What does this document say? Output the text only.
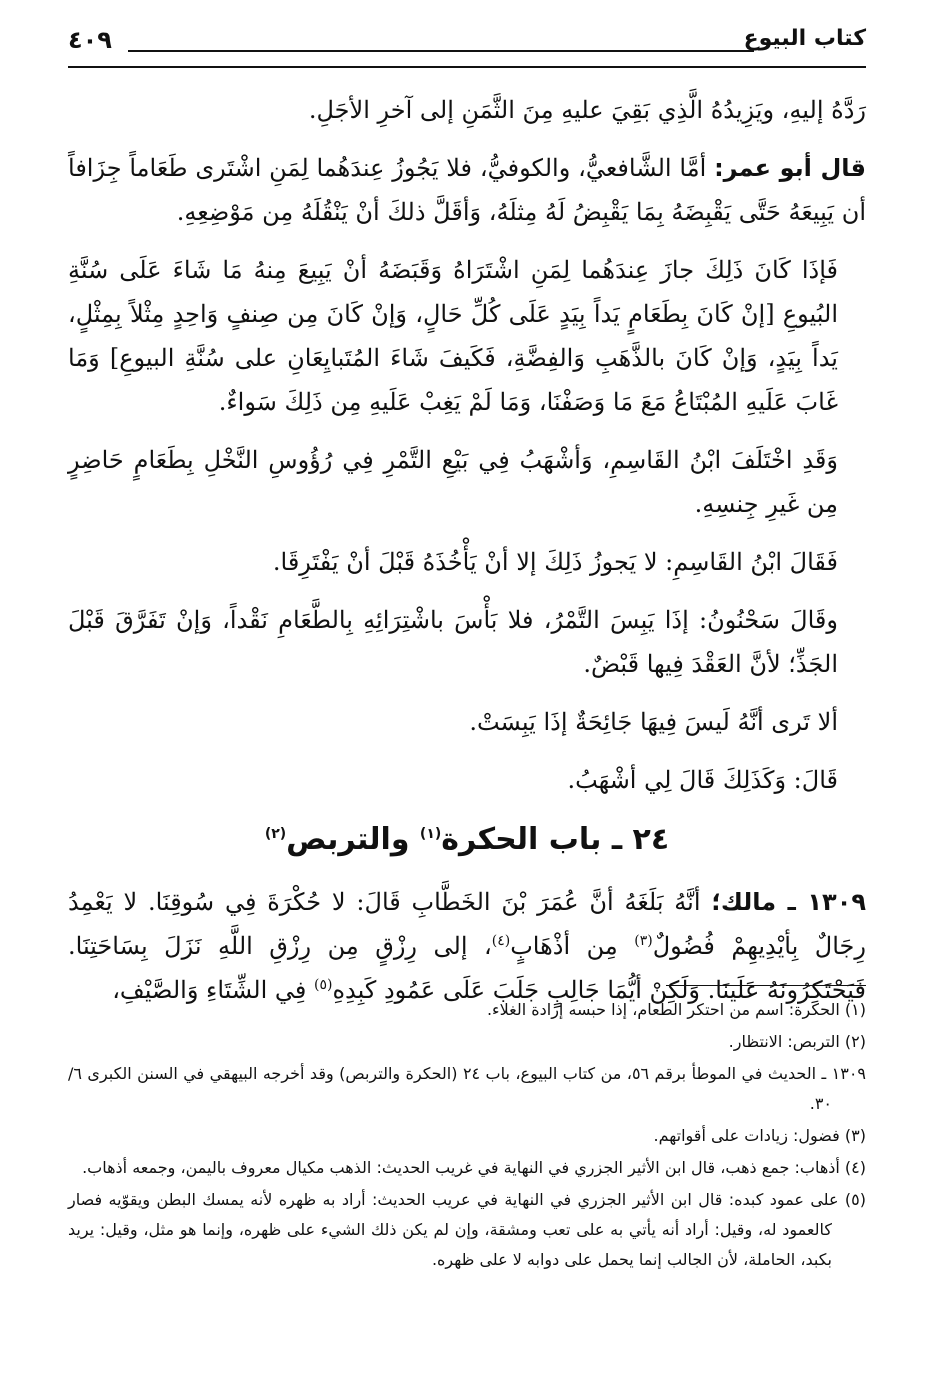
كتاب البيوع
٤٠٩

رَدَّهُ إليهِ، ويَزِيدُهُ الَّذِي بَقِيَ عليهِ مِنَ الثَّمَنِ إلى آخرِ الأجَلِ.

قال أبو عمر: أمَّا الشَّافعيُّ، والكوفيُّ، فلا يَجُوزُ عِندَهُما لِمَنِ اشْتَرى طَعَاماً جِزَافاً أن يَبِيعَهُ حَتَّى يَقْبِضَهُ بِمَا يَقْبِضُ لَهُ مِثلَهُ، وَأقَلَّ ذلكَ أنْ يَنْقُلَهُ مِن مَوْضِعِهِ.

فَإذَا كَانَ ذَلِكَ جازَ عِندَهُما لِمَنِ اشْتَرَاهُ وَقَبَضَهُ أنْ يَبِيعَ مِنهُ مَا شَاءَ عَلَى سُنَّةِ البُيوعِ [إنْ كَانَ بِطَعَامٍ يَداً بِيَدٍ عَلَى كُلِّ حَالٍ، وَإنْ كَانَ مِن صِنفٍ وَاحِدٍ مِثْلاً بِمِثْلٍ، يَداً بِيَدٍ، وَإنْ كَانَ بالذَّهَبِ وَالفِضَّةِ، فَكَيفَ شَاءَ المُتَبايِعَانِ على سُنَّةِ البيوعِ] وَمَا غَابَ عَلَيهِ المُبْتَاعُ مَعَ مَا وَصَفْنَا، وَمَا لَمْ يَغِبْ عَلَيهِ مِن ذَلِكَ سَواءٌ.

وَقَدِ اخْتَلَفَ ابْنُ القَاسِمِ، وَأشْهَبُ فِي بَيْعِ التَّمْرِ فِي رُؤُوسِ النَّخْلِ بِطَعَامٍ حَاضِرٍ مِن غَيرِ جِنسِهِ.

فَقَالَ ابْنُ القَاسِمِ: لا يَجوزُ ذَلِكَ إلا أنْ يَأْخُذَهُ قَبْلَ أنْ يَفْتَرِقَا.

وقَالَ سَحْنُونُ: إذَا يَبِسَ التَّمْرُ، فلا بَأْسَ باشْتِرَائِهِ بِالطَّعَامِ نَقْداً، وَإنْ تَفَرَّقَ قَبْلَ الجَذِّ؛ لأنَّ العَقْدَ فِيها قَبْضٌ.

ألا تَرى أنَّهُ لَيسَ فِيهَا جَائِحَةٌ إذَا يَبِسَتْ.

قَالَ: وَكَذَلِكَ قَالَ لِي أشْهَبُ.

٢٤ ـ باب الحكرة$^{(١)}$ والتربص$^{(٢)}$

١٣٠٩ ـ مالك؛ أنَّهُ بَلَغَهُ أنَّ عُمَرَ بْنَ الخَطَّابِ قَالَ: لا حُكْرَةَ فِي سُوقِنَا. لا يَعْمِدُ رِجَالٌ بِأيْدِيهِمْ فُضُولٌ$^{(٣)}$ مِن أذْهَابٍ$^{(٤)}$، إلى رِزْقٍ مِن رِزْقِ اللَّهِ نَزَلَ بِسَاحَتِنَا. فَيَحْتَكِرُونَهُ عَلَينَا. وَلَكِنْ أيُّمَا جَالِبٍ جَلَبَ عَلَى عَمُودِ كَبِدِهِ$^{(٥)}$ فِي الشِّتَاءِ وَالصَّيْفِ،

(١) الحكرة: اسم من احتكر الطعام، إذا حبسه إرادة الغلاء.

(٢) التربص: الانتظار.

١٣٠٩ ـ الحديث في الموطأ برقم ٥٦، من كتاب البيوع، باب ٢٤ (الحكرة والتربص) وقد أخرجه البيهقي في السنن الكبرى ٦/ ٣٠.

(٣) فضول: زيادات على أقواتهم.

(٤) أذهاب: جمع ذهب، قال ابن الأثير الجزري في النهاية في غريب الحديث: الذهب مكيال معروف باليمن، وجمعه أذهاب.

(٥) على عمود كبده: قال ابن الأثير الجزري في النهاية في عريب الحديث: أراد به ظهره لأنه يمسك البطن ويقوّيه فصار كالعمود له، وقيل: أراد أنه يأتي به على تعب ومشقة، وإن لم يكن ذلك الشيء على ظهره، وإنما هو مثل، وقيل: يريد بكبد، الحاملة، لأن الجالب إنما يحمل على دوابه لا على ظهره.
